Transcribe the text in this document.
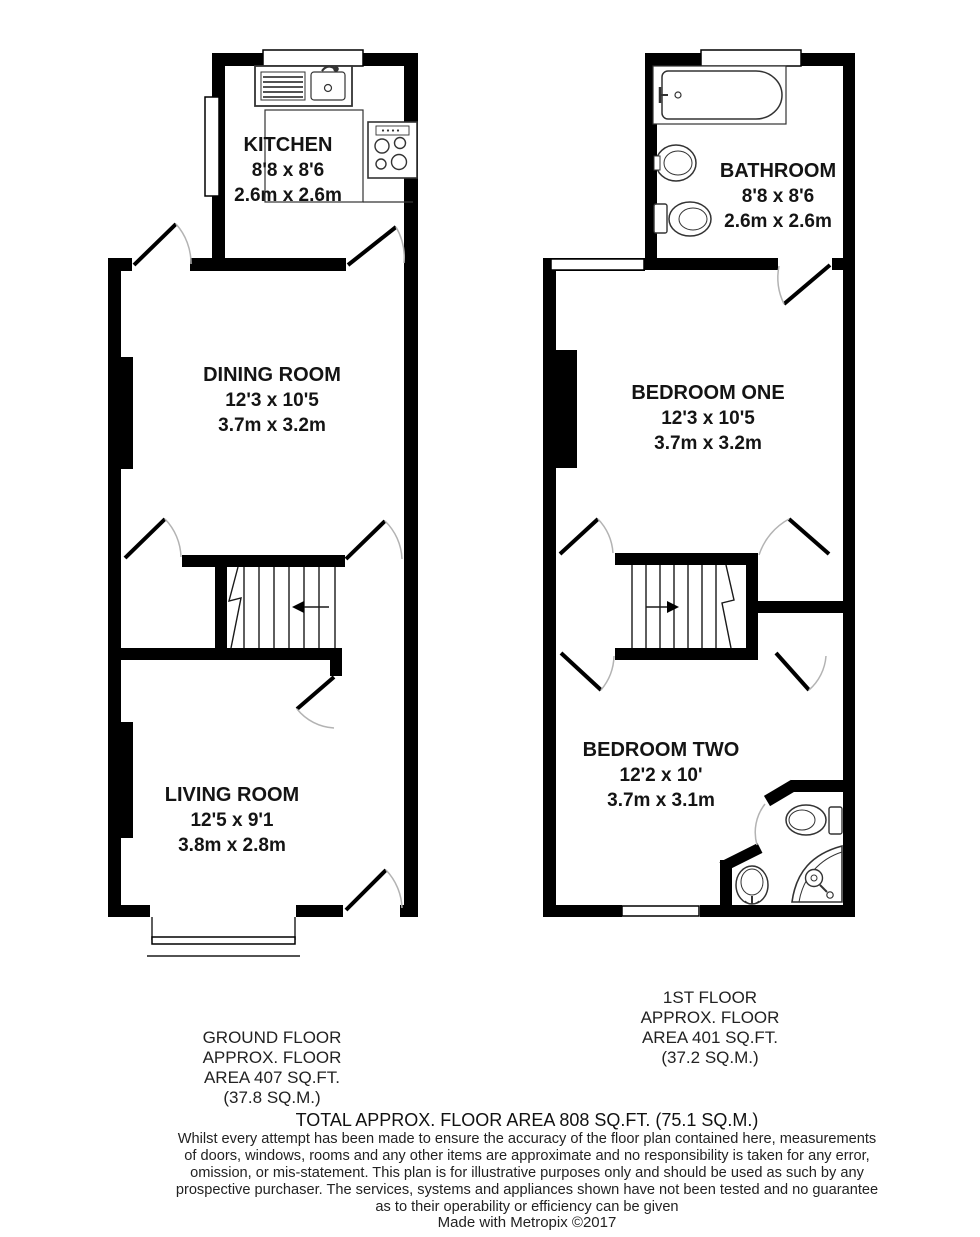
KITCHEN
8'8 x 8'6
2.6m x 2.6m
DINING ROOM
12'3 x 10'5
3.7m x 3.2m
LIVING ROOM
12'5 x 9'1
3.8m x 2.8m
BATHROOM
8'8 x 8'6
2.6m x 2.6m
BEDROOM ONE
12'3 x 10'5
3.7m x 3.2m
BEDROOM TWO
12'2 x 10'
3.7m x 3.1m
GROUND FLOOR
APPROX. FLOOR
AREA 407 SQ.FT.
(37.8 SQ.M.)
1ST FLOOR
APPROX. FLOOR
AREA 401 SQ.FT.
(37.2 SQ.M.)
TOTAL APPROX. FLOOR AREA 808 SQ.FT. (75.1 SQ.M.)
Whilst every attempt has been made to ensure the accuracy of the floor plan contained here, measurements
of doors, windows, rooms and any other items are approximate and no responsibility is taken for any error,
omission, or mis-statement. This plan is for illustrative purposes only and should be used as such by any
prospective purchaser. The services, systems and appliances shown have not been tested and no guarantee
as to their operability or efficiency can be given
Made with Metropix ©2017
